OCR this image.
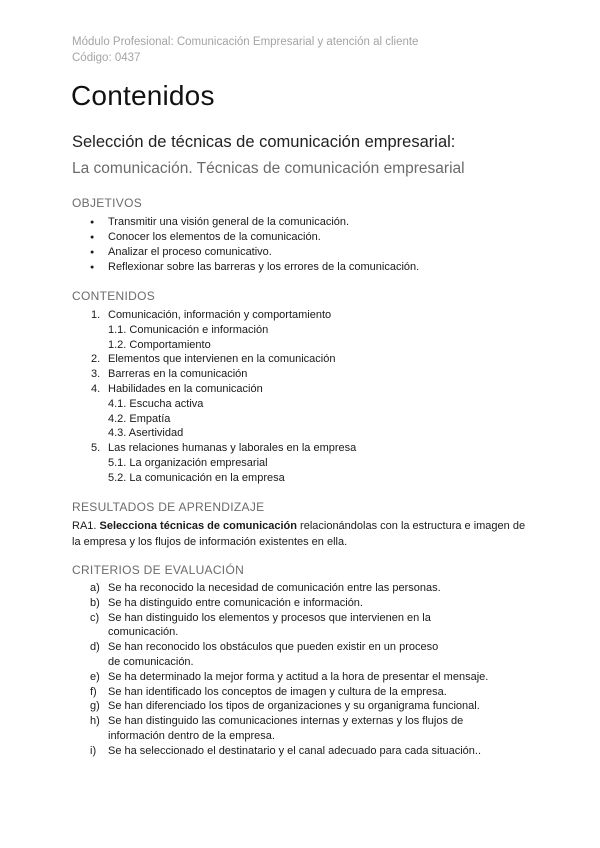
Módulo Profesional: Comunicación Empresarial y atención al cliente
Código: 0437
Contenidos
Selección de técnicas de comunicación empresarial:
La comunicación. Técnicas de comunicación empresarial
OBJETIVOS
● Transmitir una visión general de la comunicación.
● Conocer los elementos de la comunicación.
● Analizar el proceso comunicativo.
● Reflexionar sobre las barreras y los errores de la comunicación.
CONTENIDOS
1. Comunicación, información y comportamiento
1.1. Comunicación e información
1.2. Comportamiento
2. Elementos que intervienen en la comunicación
3. Barreras en la comunicación
4. Habilidades en la comunicación
4.1. Escucha activa
4.2. Empatía
4.3. Asertividad
5. Las relaciones humanas y laborales en la empresa
5.1. La organización empresarial
5.2. La comunicación en la empresa
RESULTADOS DE APRENDIZAJE
RA1. Selecciona técnicas de comunicación relacionándolas con la estructura e imagen de la empresa y los flujos de información existentes en ella.
CRITERIOS DE EVALUACIÓN
a) Se ha reconocido la necesidad de comunicación entre las personas.
b) Se ha distinguido entre comunicación e información.
c) Se han distinguido los elementos y procesos que intervienen en la comunicación.
d) Se han reconocido los obstáculos que pueden existir en un proceso de comunicación.
e) Se ha determinado la mejor forma y actitud a la hora de presentar el mensaje.
f) Se han identificado los conceptos de imagen y cultura de la empresa.
g) Se han diferenciado los tipos de organizaciones y su organigrama funcional.
h) Se han distinguido las comunicaciones internas y externas y los flujos de información dentro de la empresa.
i) Se ha seleccionado el destinatario y el canal adecuado para cada situación..
